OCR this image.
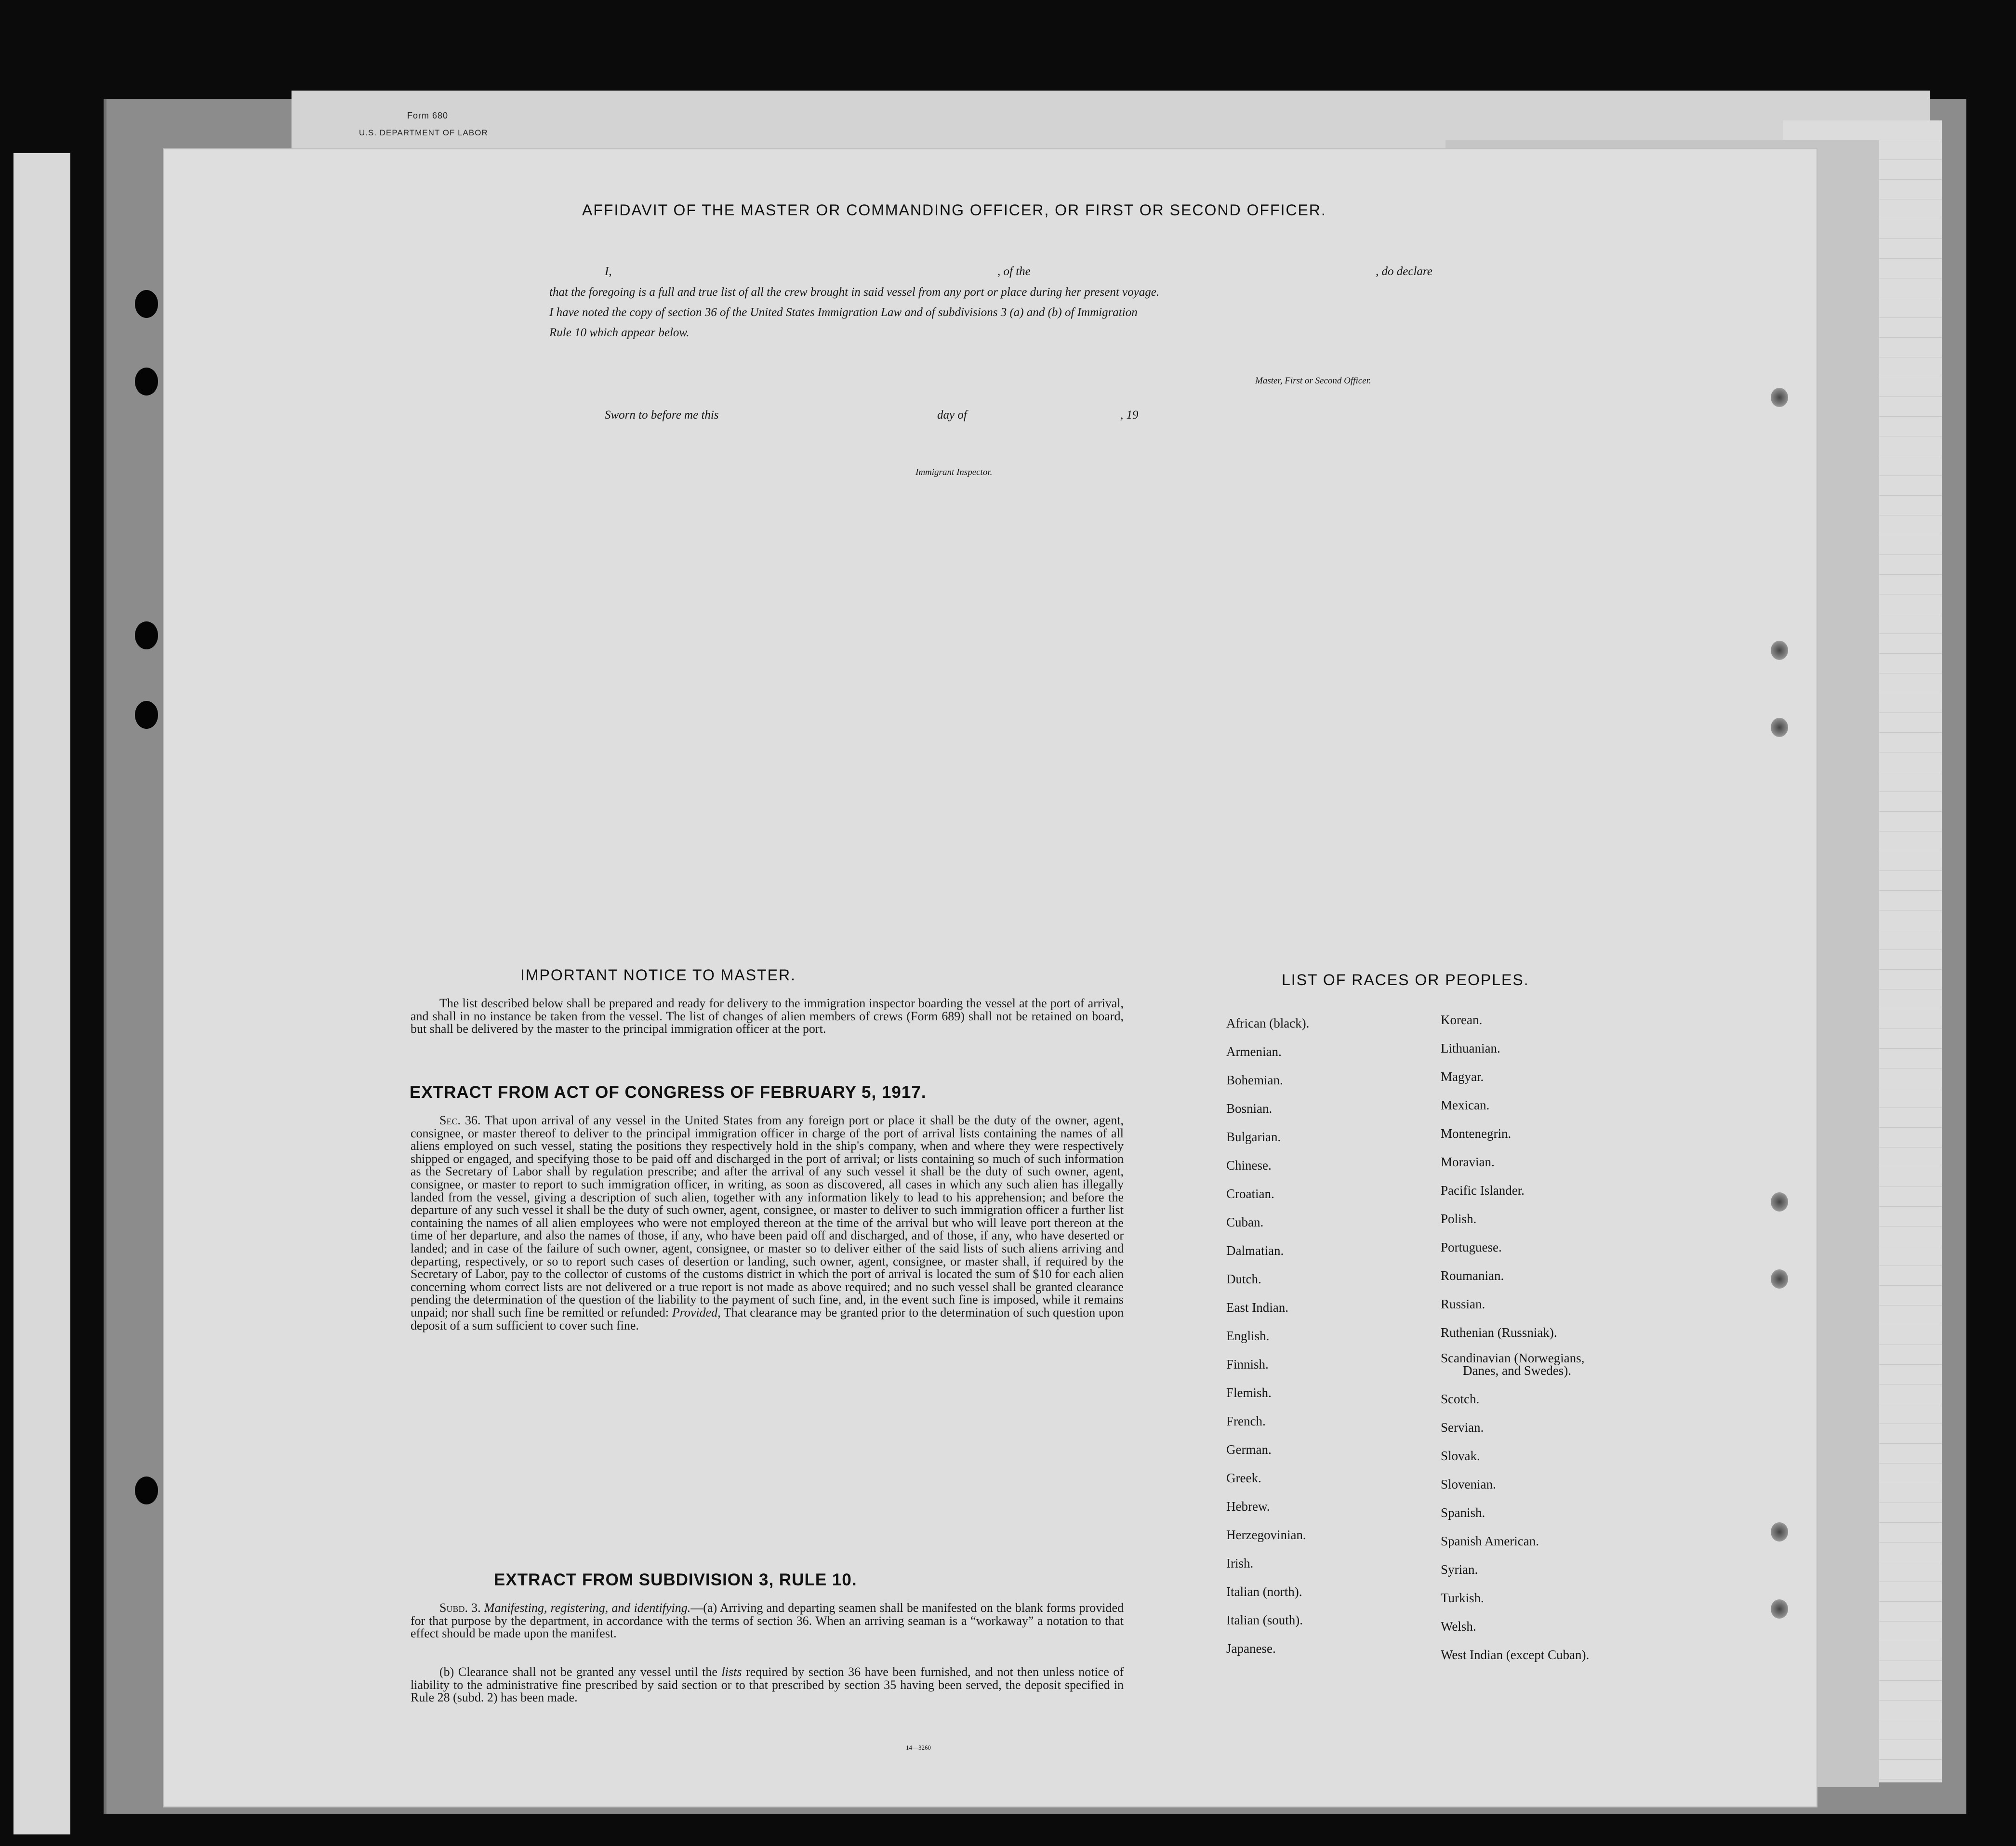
Form 680
U.S. DEPARTMENT OF LABOR
AFFIDAVIT OF THE MASTER OR COMMANDING OFFICER, OR FIRST OR SECOND OFFICER.
I,	, of the	, do declare
that the foregoing is a full and true list of all the crew brought in said vessel from any port or place during her present voyage.
I have noted the copy of section 36 of the United States Immigration Law and of subdivisions 3 (a) and (b) of Immigration
Rule 10 which appear below.
Master, First or Second Officer.
Sworn to before me this	day of	, 19
Immigrant Inspector.
IMPORTANT NOTICE TO MASTER.
The list described below shall be prepared and ready for delivery to the immigration inspector boarding the vessel at the port of arrival, and shall in no instance be taken from the vessel. The list of changes of alien members of crews (Form 689) shall not be retained on board, but shall be delivered by the master to the principal immigration officer at the port.
EXTRACT FROM ACT OF CONGRESS OF FEBRUARY 5, 1917.
Sec. 36. That upon arrival of any vessel in the United States from any foreign port or place it shall be the duty of the owner, agent, consignee, or master thereof to deliver to the principal immigration officer in charge of the port of arrival lists containing the names of all aliens employed on such vessel, stating the positions they respectively hold in the ship's company, when and where they were respectively shipped or engaged, and specifying those to be paid off and discharged in the port of arrival; or lists containing so much of such information as the Secretary of Labor shall by regulation prescribe; and after the arrival of any such vessel it shall be the duty of such owner, agent, consignee, or master to report to such immigration officer, in writing, as soon as discovered, all cases in which any such alien has illegally landed from the vessel, giving a description of such alien, together with any information likely to lead to his apprehension; and before the departure of any such vessel it shall be the duty of such owner, agent, consignee, or master to deliver to such immigration officer a further list containing the names of all alien employees who were not employed thereon at the time of the arrival but who will leave port thereon at the time of her departure, and also the names of those, if any, who have been paid off and discharged, and of those, if any, who have deserted or landed; and in case of the failure of such owner, agent, consignee, or master so to deliver either of the said lists of such aliens arriving and departing, respectively, or so to report such cases of desertion or landing, such owner, agent, consignee, or master shall, if required by the Secretary of Labor, pay to the collector of customs of the customs district in which the port of arrival is located the sum of $10 for each alien concerning whom correct lists are not delivered or a true report is not made as above required; and no such vessel shall be granted clearance pending the determination of the question of the liability to the payment of such fine, and, in the event such fine is imposed, while it remains unpaid; nor shall such fine be remitted or refunded: Provided, That clearance may be granted prior to the determination of such question upon deposit of a sum sufficient to cover such fine.
EXTRACT FROM SUBDIVISION 3, RULE 10.
Subd. 3. Manifesting, registering, and identifying.—(a) Arriving and departing seamen shall be manifested on the blank forms provided for that purpose by the department, in accordance with the terms of section 36. When an arriving seaman is a “workaway” a notation to that effect should be made upon the manifest.
(b) Clearance shall not be granted any vessel until the lists required by section 36 have been furnished, and not then unless notice of liability to the administrative fine prescribed by said section or to that prescribed by section 35 having been served, the deposit specified in Rule 28 (subd. 2) has been made.
14—3260
LIST OF RACES OR PEOPLES.
African (black).
Armenian.
Bohemian.
Bosnian.
Bulgarian.
Chinese.
Croatian.
Cuban.
Dalmatian.
Dutch.
East Indian.
English.
Finnish.
Flemish.
French.
German.
Greek.
Hebrew.
Herzegovinian.
Irish.
Italian (north).
Italian (south).
Japanese.
Korean.
Lithuanian.
Magyar.
Mexican.
Montenegrin.
Moravian.
Pacific Islander.
Polish.
Portuguese.
Roumanian.
Russian.
Ruthenian (Russniak).
Scandinavian (Norwegians,
Danes, and Swedes).
Scotch.
Servian.
Slovak.
Slovenian.
Spanish.
Spanish American.
Syrian.
Turkish.
Welsh.
West Indian (except Cuban).
